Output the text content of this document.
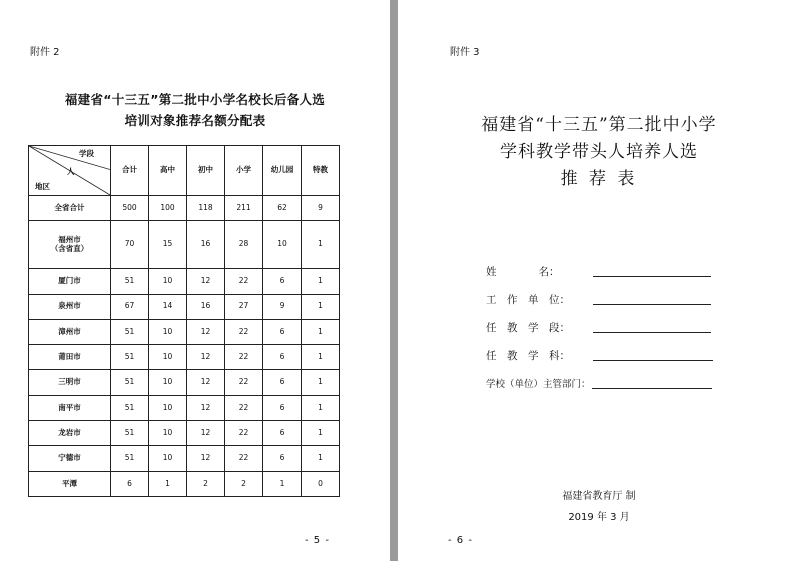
附件 2
福建省“十三五”第二批中小学名校长后备人选
培训对象推荐名额分配表
学段
人
地区	合计	高中	初中	小学	幼儿园	特教

全省合计	500	100	118	211	62	9

福州市
（含省直）	70	15	16	28	10	1

厦门市	51	10	12	22	6	1

泉州市	67	14	16	27	9	1

漳州市	51	10	12	22	6	1

莆田市	51	10	12	22	6	1

三明市	51	10	12	22	6	1

南平市	51	10	12	22	6	1

龙岩市	51	10	12	22	6	1

宁德市	51	10	12	22	6	1

平潭	6	1	2	2	1	0
- 5 -
附件 3
福建省“十三五”第二批中小学
学科教学带头人培养人选
推 荐 表
姓　　　　名：
工　作　单　位：
任　教　学　段：
任　教　学　科：
学校（单位）主管部门：
福建省教育厅 制
2019 年 3 月
- 6 -
